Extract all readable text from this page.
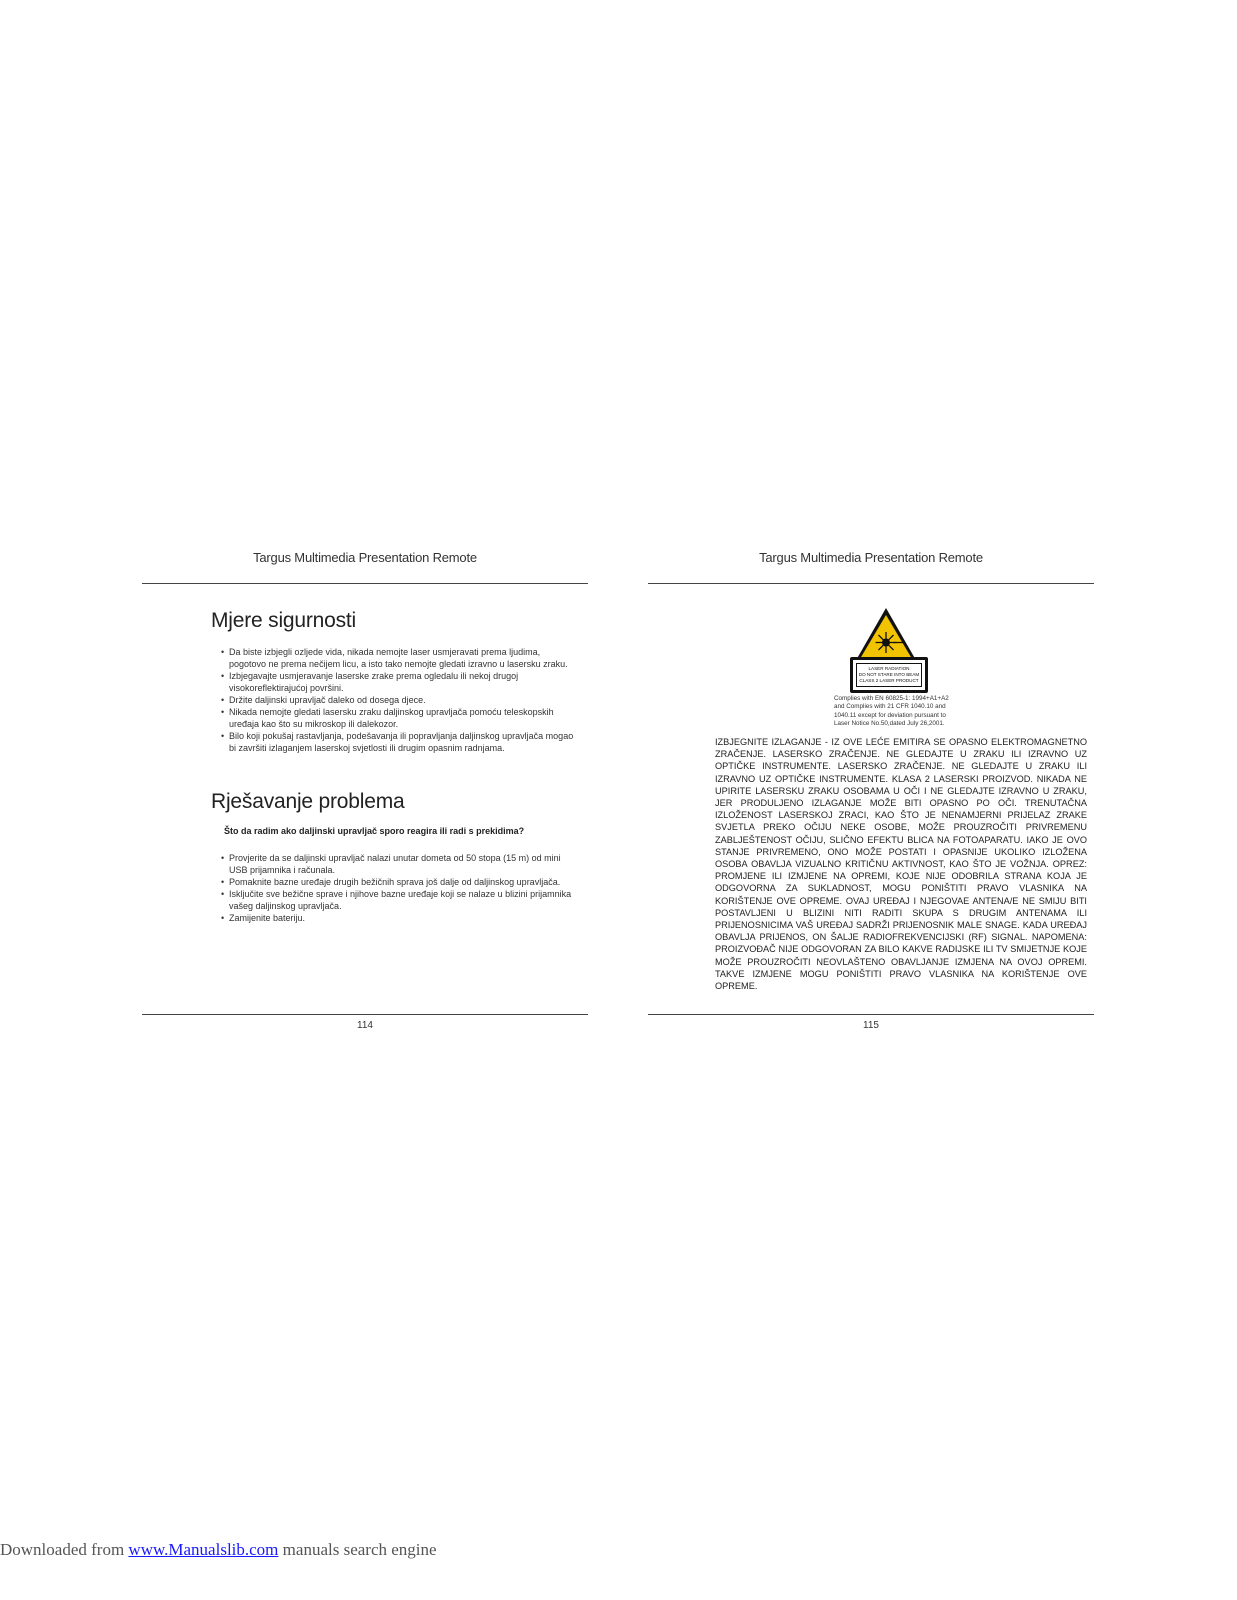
Targus Multimedia Presentation Remote
Mjere sigurnosti
• Da biste izbjegli ozljede vida, nikada nemojte laser usmjeravati prema ljudima, pogotovo ne prema nečijem licu, a isto tako nemojte gledati izravno u lasersku zraku.
• Izbjegavajte usmjeravanje laserske zrake prema ogledalu ili nekoj drugoj visokoreflektirajućoj površini.
• Držite daljinski upravljač daleko od dosega djece.
• Nikada nemojte gledati lasersku zraku daljinskog upravljača pomoću teleskopskih uređaja kao što su mikroskop ili dalekozor.
• Bilo koji pokušaj rastavljanja, podešavanja ili popravljanja daljinskog upravljača mogao bi završiti izlaganjem laserskoj svjetlosti ili drugim opasnim radnjama.
Rješavanje problema
Što da radim ako daljinski upravljač sporo reagira ili radi s prekidima?
• Provjerite da se daljinski upravljač nalazi unutar dometa od 50 stopa (15 m) od mini USB prijamnika i računala.
• Pomaknite bazne uređaje drugih bežičnih sprava još dalje od daljinskog upravljača.
• Isključite sve bežične sprave i njihove bazne uređaje koji se nalaze u blizini prijamnika vašeg daljinskog upravljača.
• Zamijenite bateriju.
114
Targus Multimedia Presentation Remote
LASER RADIATION
DO NOT STARE INTO BEAM
CLASS 2 LASER PRODUCT
Complies with EN 60825-1: 1994+A1+A2
and Complies with 21 CFR 1040.10 and
1040.11 except for deviation pursuant to
Laser Notice No.50,dated July 26,2001.
IZBJEGNITE IZLAGANJE - IZ OVE LEĆE EMITIRA SE OPASNO ELEKTROMAGNETNO ZRAČENJE. LASERSKO ZRAČENJE. NE GLEDAJTE U ZRAKU ILI IZRAVNO UZ OPTIČKE INSTRUMENTE. LASERSKO ZRAČENJE. NE GLEDAJTE U ZRAKU ILI IZRAVNO UZ OPTIČKE INSTRUMENTE. KLASA 2 LASERSKI PROIZVOD. NIKADA NE UPIRITE LASERSKU ZRAKU OSOBAMA U OČI I NE GLEDAJTE IZRAVNO U ZRAKU, JER PRODULJENO IZLAGANJE MOŽE BITI OPASNO PO OČI. TRENUTAČNA IZLOŽENOST LASERSKOJ ZRACI, KAO ŠTO JE NENAMJERNI PRIJELAZ ZRAKE SVJETLA PREKO OČIJU NEKE OSOBE, MOŽE PROUZROČITI PRIVREMENU ZABLJEŠTENOST OČIJU, SLIČNO EFEKTU BLICA NA FOTOAPARATU. IAKO JE OVO STANJE PRIVREMENO, ONO MOŽE POSTATI I OPASNIJE UKOLIKO IZLOŽENA OSOBA OBAVLJA VIZUALNO KRITIČNU AKTIVNOST, KAO ŠTO JE VOŽNJA. OPREZ: PROMJENE ILI IZMJENE NA OPREMI, KOJE NIJE ODOBRILA STRANA KOJA JE ODGOVORNA ZA SUKLADNOST, MOGU PONIŠTITI PRAVO VLASNIKA NA KORIŠTENJE OVE OPREME. OVAJ UREĐAJ I NJEGOVAE ANTENA/E NE SMIJU BITI POSTAVLJENI U BLIZINI NITI RADITI SKUPA S DRUGIM ANTENAMA ILI PRIJENOSNICIMA VAŠ UREĐAJ SADRŽI PRIJENOSNIK MALE SNAGE. KADA UREĐAJ OBAVLJA PRIJENOS, ON ŠALJE RADIOFREKVENCIJSKI (RF) SIGNAL. NAPOMENA: PROIZVOĐAČ NIJE ODGOVORAN ZA BILO KAKVE RADIJSKE ILI TV SMIJETNJE KOJE MOŽE PROUZROČITI NEOVLAŠTENO OBAVLJANJE IZMJENA NA OVOJ OPREMI. TAKVE IZMJENE MOGU PONIŠTITI PRAVO VLASNIKA NA KORIŠTENJE OVE OPREME.
115
Downloaded from www.Manualslib.com manuals search engine
